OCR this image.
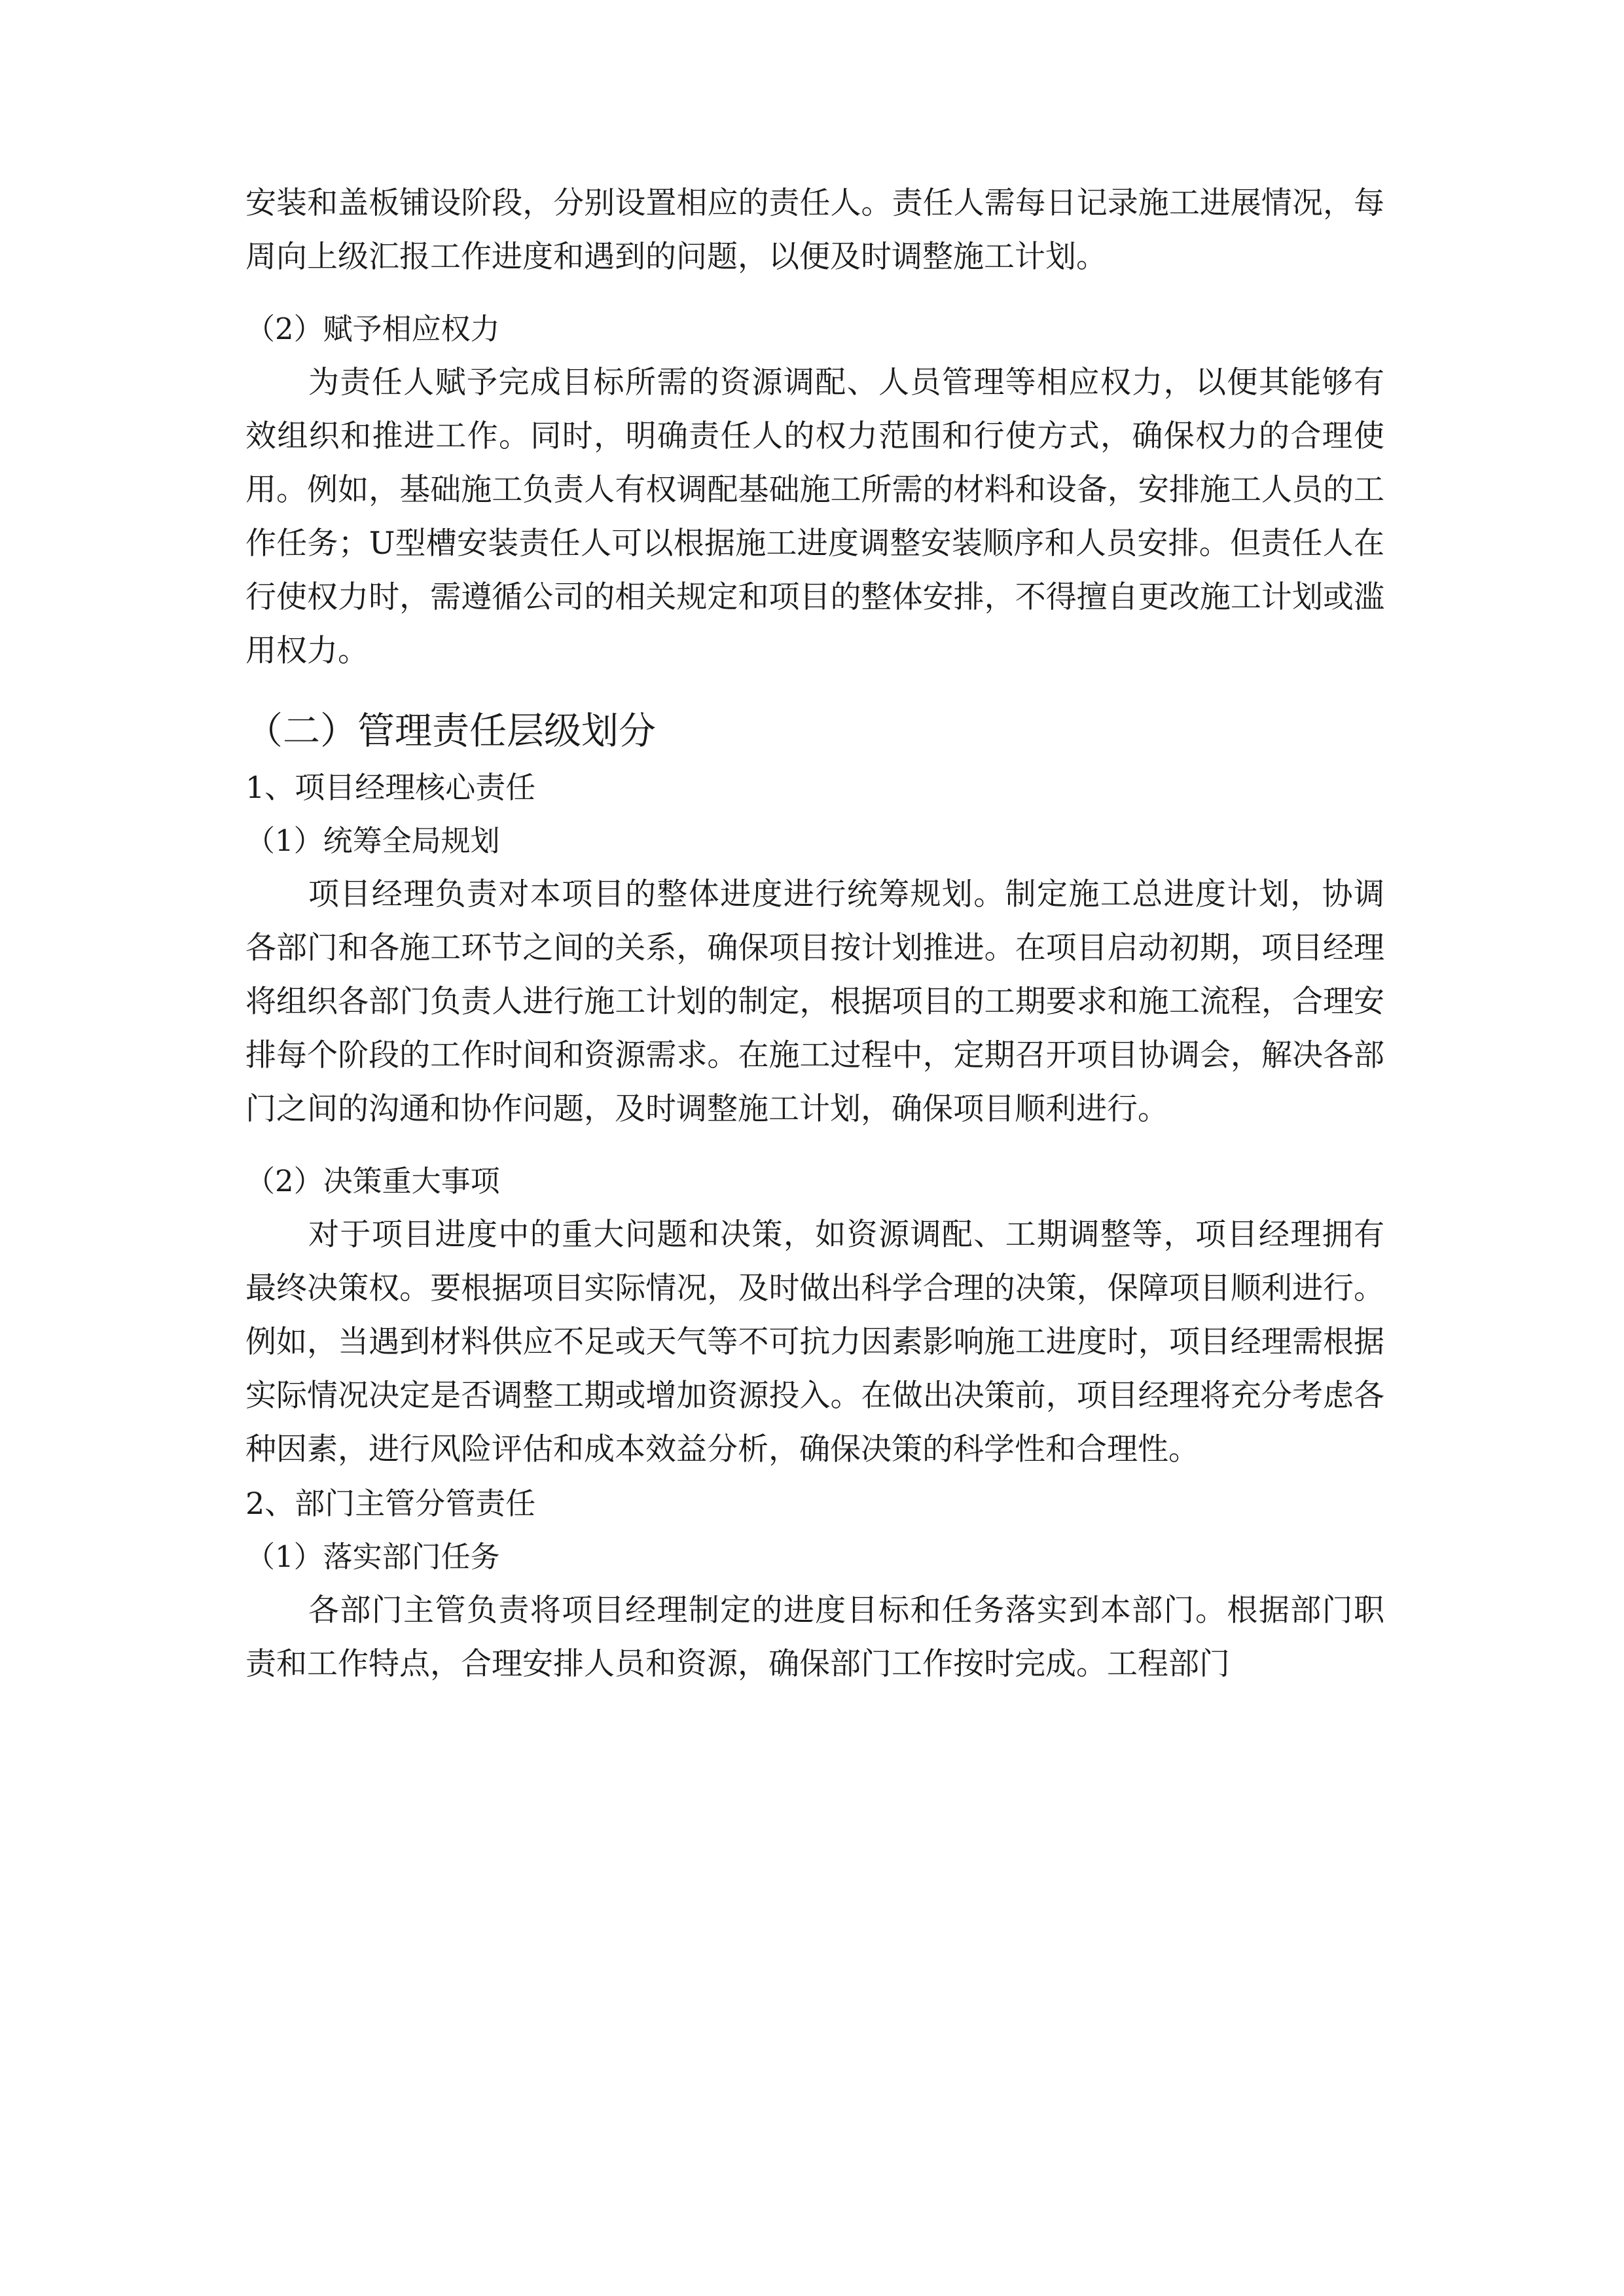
安装和盖板铺设阶段，分别设置相应的责任人。责任人需每日记录施工进展情况，每周向上级汇报工作进度和遇到的问题，以便及时调整施工计划。

（2）赋予相应权力

为责任人赋予完成目标所需的资源调配、人员管理等相应权力，以便其能够有效组织和推进工作。同时，明确责任人的权力范围和行使方式，确保权力的合理使用。例如，基础施工负责人有权调配基础施工所需的材料和设备，安排施工人员的工作任务；U型槽安装责任人可以根据施工进度调整安装顺序和人员安排。但责任人在行使权力时，需遵循公司的相关规定和项目的整体安排，不得擅自更改施工计划或滥用权力。

（二）管理责任层级划分

1、项目经理核心责任

（1）统筹全局规划

项目经理负责对本项目的整体进度进行统筹规划。制定施工总进度计划，协调各部门和各施工环节之间的关系，确保项目按计划推进。在项目启动初期，项目经理将组织各部门负责人进行施工计划的制定，根据项目的工期要求和施工流程，合理安排每个阶段的工作时间和资源需求。在施工过程中，定期召开项目协调会，解决各部门之间的沟通和协作问题，及时调整施工计划，确保项目顺利进行。

（2）决策重大事项

对于项目进度中的重大问题和决策，如资源调配、工期调整等，项目经理拥有最终决策权。要根据项目实际情况，及时做出科学合理的决策，保障项目顺利进行。例如，当遇到材料供应不足或天气等不可抗力因素影响施工进度时，项目经理需根据实际情况决定是否调整工期或增加资源投入。在做出决策前，项目经理将充分考虑各种因素，进行风险评估和成本效益分析，确保决策的科学性和合理性。

2、部门主管分管责任

（1）落实部门任务

各部门主管负责将项目经理制定的进度目标和任务落实到本部门。根据部门职责和工作特点，合理安排人员和资源，确保部门工作按时完成。工程部门
